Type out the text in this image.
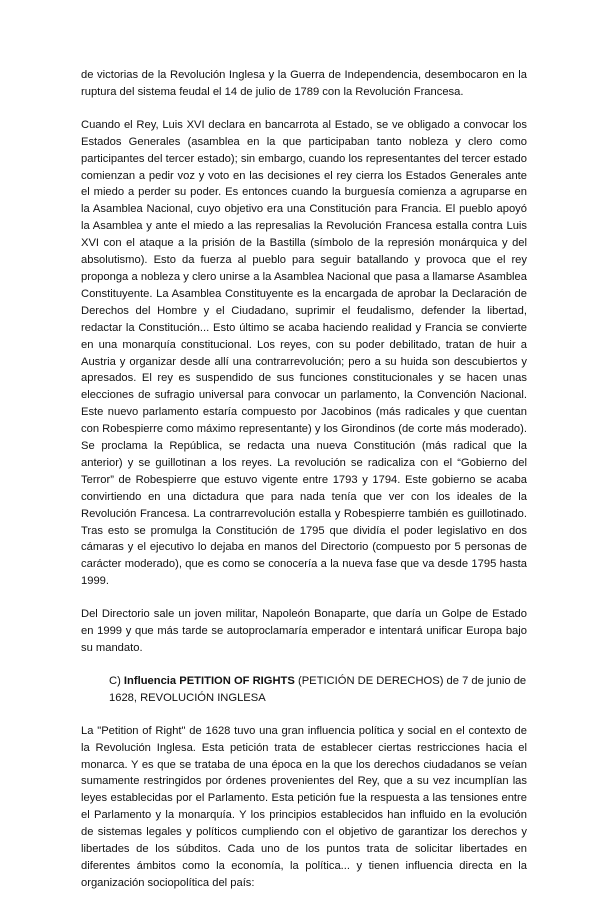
de victorias de la Revolución Inglesa y la Guerra de Independencia, desembocaron en la ruptura del sistema feudal el 14 de julio de 1789 con la Revolución Francesa.

Cuando el Rey, Luis XVI declara en bancarrota al Estado, se ve obligado a convocar los Estados Generales (asamblea en la que participaban tanto nobleza y clero como participantes del tercer estado); sin embargo, cuando los representantes del tercer estado comienzan a pedir voz y voto en las decisiones el rey cierra los Estados Generales ante el miedo a perder su poder. Es entonces cuando la burguesía comienza a agruparse en la Asamblea Nacional, cuyo objetivo era una Constitución para Francia. El pueblo apoyó la Asamblea y ante el miedo a las represalias la Revolución Francesa estalla contra Luis XVI con el ataque a la prisión de la Bastilla (símbolo de la represión monárquica y del absolutismo). Esto da fuerza al pueblo para seguir batallando y provoca que el rey proponga a nobleza y clero unirse a la Asamblea Nacional que pasa a llamarse Asamblea Constituyente. La Asamblea Constituyente es la encargada de aprobar la Declaración de Derechos del Hombre y el Ciudadano, suprimir el feudalismo, defender la libertad, redactar la Constitución... Esto último se acaba haciendo realidad y Francia se convierte en una monarquía constitucional. Los reyes, con su poder debilitado, tratan de huir a Austria y organizar desde allí una contrarrevolución; pero a su huida son descubiertos y apresados. El rey es suspendido de sus funciones constitucionales y se hacen unas elecciones de sufragio universal para convocar un parlamento, la Convención Nacional. Este nuevo parlamento estaría compuesto por Jacobinos (más radicales y que cuentan con Robespierre como máximo representante) y los Girondinos (de corte más moderado). Se proclama la República, se redacta una nueva Constitución (más radical que la anterior) y se guillotinan a los reyes. La revolución se radicaliza con el “Gobierno del Terror” de Robespierre que estuvo vigente entre 1793 y 1794. Este gobierno se acaba convirtiendo en una dictadura que para nada tenía que ver con los ideales de la Revolución Francesa. La contrarrevolución estalla y Robespierre también es guillotinado. Tras esto se promulga la Constitución de 1795 que dividía el poder legislativo en dos cámaras y el ejecutivo lo dejaba en manos del Directorio (compuesto por 5 personas de carácter moderado), que es como se conocería a la nueva fase que va desde 1795 hasta 1999.

Del Directorio sale un joven militar, Napoleón Bonaparte, que daría un Golpe de Estado en 1999 y que más tarde se autoproclamaría emperador e intentará unificar Europa bajo su mandato.

C) Influencia PETITION OF RIGHTS (PETICIÓN DE DERECHOS) de 7 de junio de 1628, REVOLUCIÓN INGLESA

La "Petition of Right" de 1628 tuvo una gran influencia política y social en el contexto de la Revolución Inglesa. Esta petición trata de establecer ciertas restricciones hacia el monarca. Y es que se trataba de una época en la que los derechos ciudadanos se veían sumamente restringidos por órdenes provenientes del Rey, que a su vez incumplían las leyes establecidas por el Parlamento. Esta petición fue la respuesta a las tensiones entre el Parlamento y la monarquía. Y los principios establecidos han influido en la evolución de sistemas legales y políticos cumpliendo con el objetivo de garantizar los derechos y libertades de los súbditos. Cada uno de los puntos trata de solicitar libertades en diferentes ámbitos como la economía, la política... y tienen influencia directa en la organización sociopolítica del país:
